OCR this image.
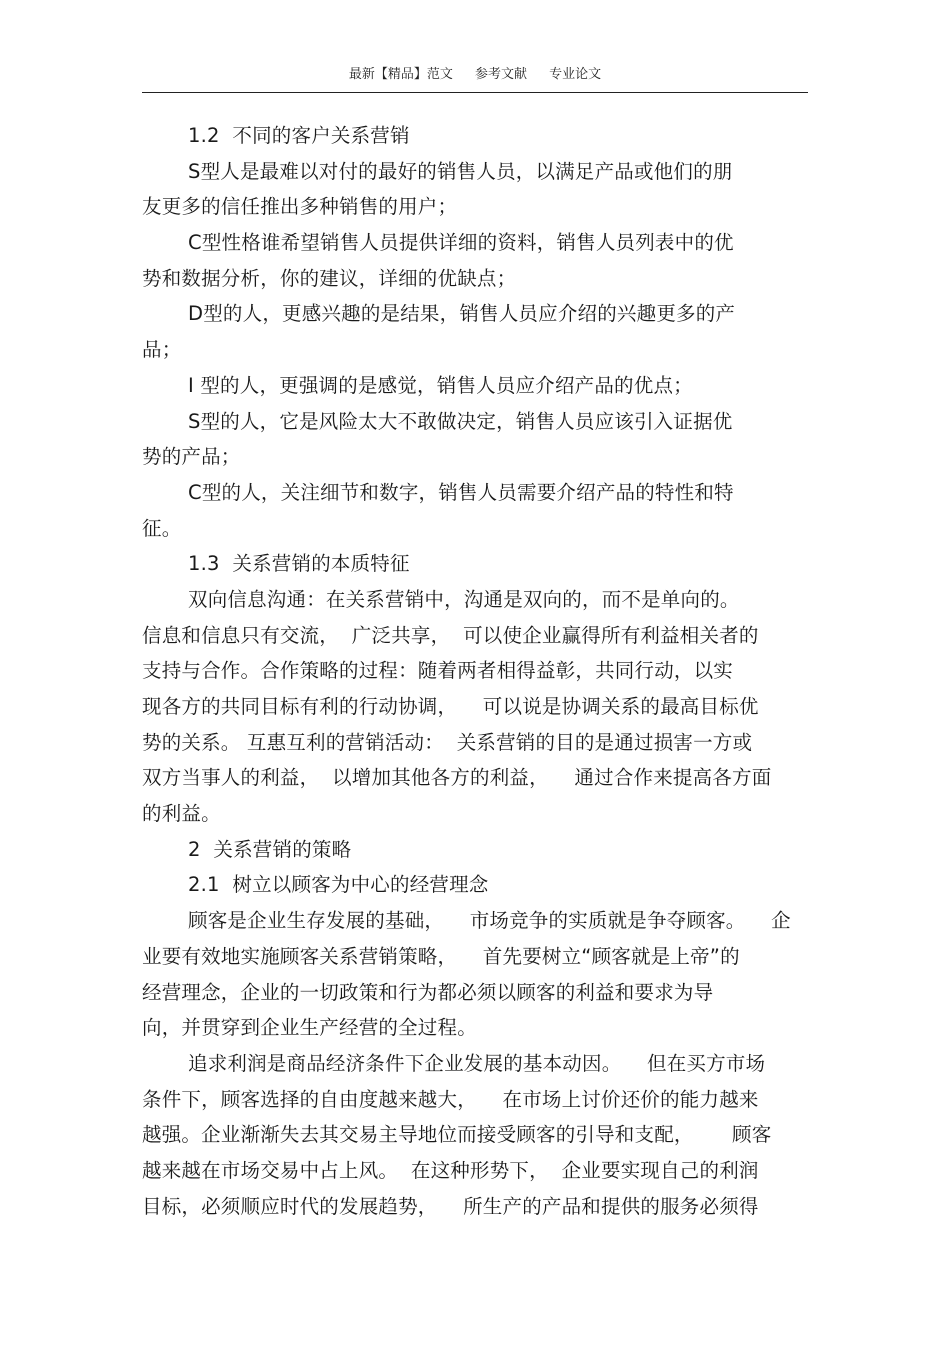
最新【精品】范文 参考文献 专业论文
1.2  不同的客户关系营销
S型人是最难以对付的最好的销售人员，以满足产品或他们的朋
友更多的信任推出多种销售的用户；
C型性格谁希望销售人员提供详细的资料，销售人员列表中的优
势和数据分析，你的建议，详细的优缺点；
D型的人，更感兴趣的是结果，销售人员应介绍的兴趣更多的产
品；
I 型的人，更强调的是感觉，销售人员应介绍产品的优点；
S型的人，它是风险太大不敢做决定，销售人员应该引入证据优
势的产品；
C型的人，关注细节和数字，销售人员需要介绍产品的特性和特
征。
1.3  关系营销的本质特征
双向信息沟通：在关系营销中，沟通是双向的，而不是单向的。
信息和信息只有交流，  广泛共享，  可以使企业赢得所有利益相关者的
支持与合作。合作策略的过程：随着两者相得益彰，共同行动，以实
现各方的共同目标有利的行动协调，    可以说是协调关系的最高目标优
势的关系。 互惠互利的营销活动：  关系营销的目的是通过损害一方或
双方当事人的利益，  以增加其他各方的利益，    通过合作来提高各方面
的利益。
2  关系营销的策略
2.1  树立以顾客为中心的经营理念
顾客是企业生存发展的基础，    市场竞争的实质就是争夺顾客。    企
业要有效地实施顾客关系营销策略，    首先要树立“顾客就是上帝”的
经营理念，企业的一切政策和行为都必须以顾客的利益和要求为导
向，并贯穿到企业生产经营的全过程。
追求利润是商品经济条件下企业发展的基本动因。    但在买方市场
条件下，顾客选择的自由度越来越大，    在市场上讨价还价的能力越来
越强。企业渐渐失去其交易主导地位而接受顾客的引导和支配，      顾客
越来越在市场交易中占上风。  在这种形势下，  企业要实现自己的利润
目标，必须顺应时代的发展趋势，    所生产的产品和提供的服务必须得
